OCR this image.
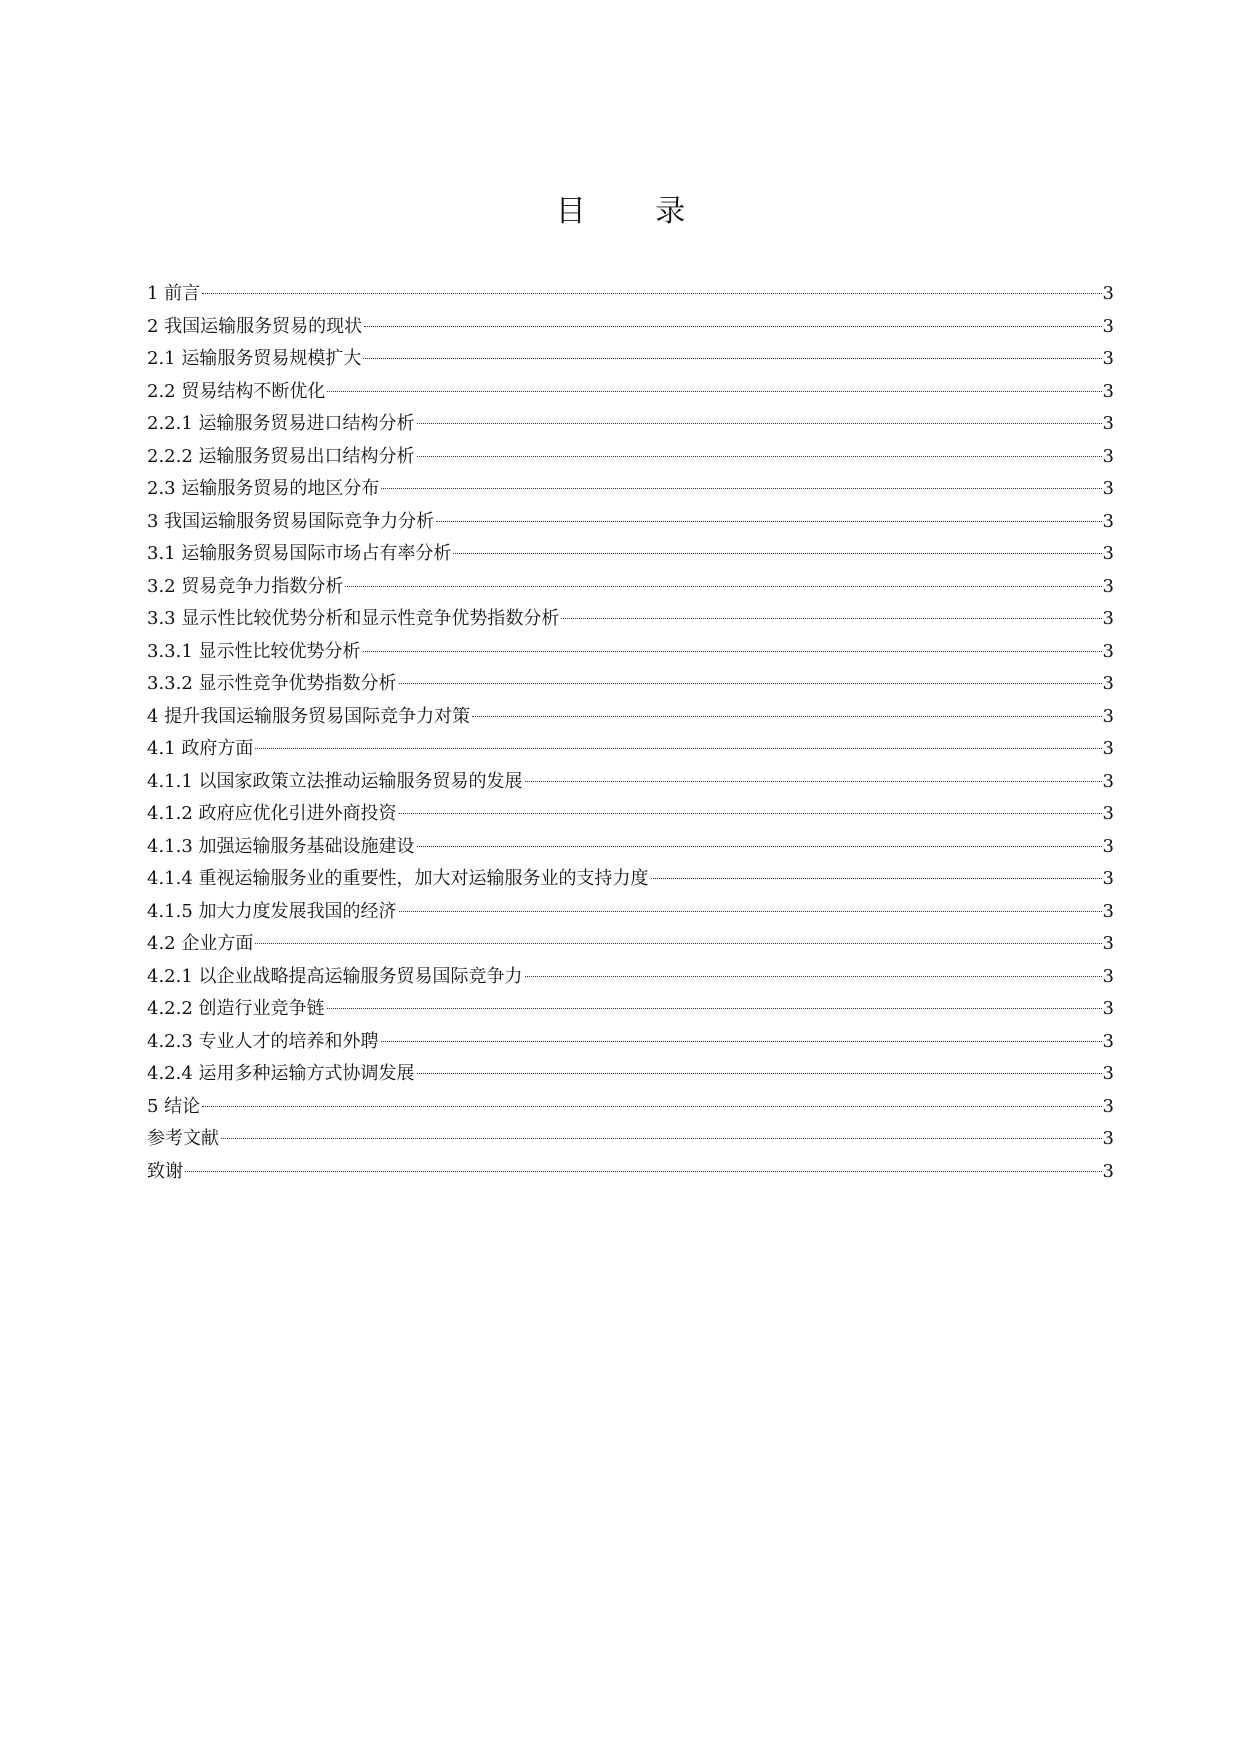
目 录
1 前言	3
2 我国运输服务贸易的现状	3
2.1 运输服务贸易规模扩大	3
2.2 贸易结构不断优化	3
2.2.1 运输服务贸易进口结构分析	3
2.2.2 运输服务贸易出口结构分析	3
2.3 运输服务贸易的地区分布	3
3 我国运输服务贸易国际竞争力分析	3
3.1 运输服务贸易国际市场占有率分析	3
3.2 贸易竞争力指数分析	3
3.3 显示性比较优势分析和显示性竞争优势指数分析	3
3.3.1 显示性比较优势分析	3
3.3.2 显示性竞争优势指数分析	3
4 提升我国运输服务贸易国际竞争力对策	3
4.1 政府方面	3
4.1.1 以国家政策立法推动运输服务贸易的发展	3
4.1.2 政府应优化引进外商投资	3
4.1.3 加强运输服务基础设施建设	3
4.1.4 重视运输服务业的重要性，加大对运输服务业的支持力度	3
4.1.5 加大力度发展我国的经济	3
4.2 企业方面	3
4.2.1 以企业战略提高运输服务贸易国际竞争力	3
4.2.2 创造行业竞争链	3
4.2.3 专业人才的培养和外聘	3
4.2.4 运用多种运输方式协调发展	3
5 结论	3
参考文献	3
致谢	3
